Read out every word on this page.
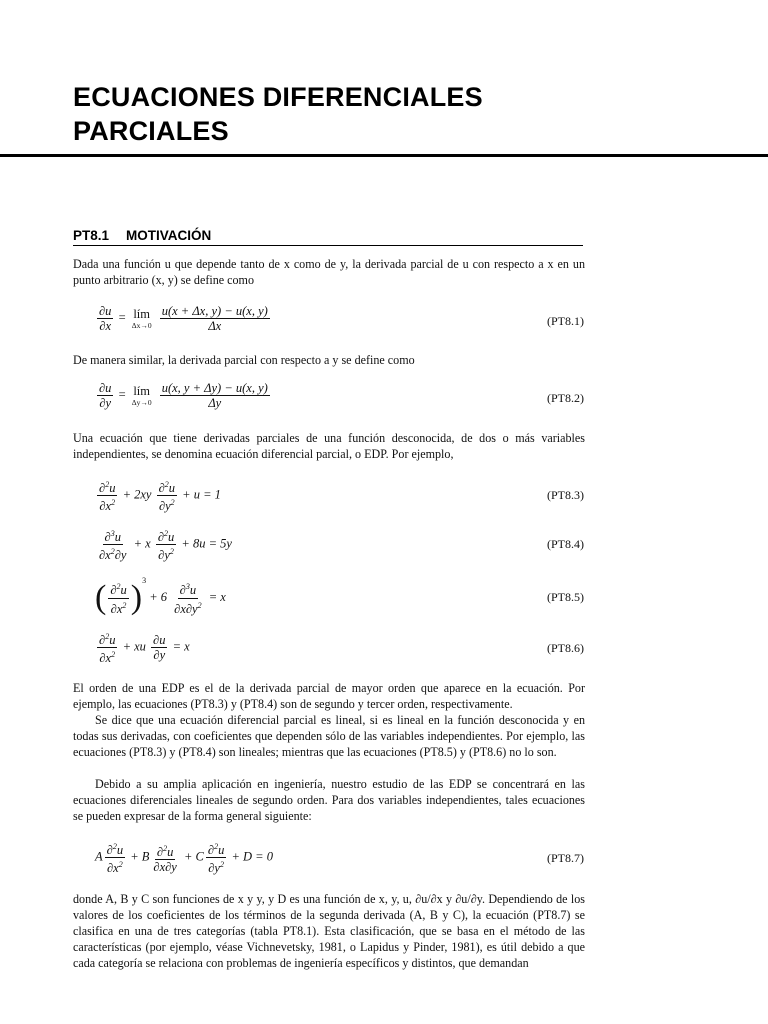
ECUACIONES DIFERENCIALES
PARCIALES
PT8.1 MOTIVACIÓN

Dada una función u que depende tanto de x como de y, la derivada parcial de u con respecto a x en un punto arbitrario (x, y) se define como

$\frac{\partial u}{\partial x}$ = lím
Δx→0
$\frac{u(x + \Delta x, y) - u(x, y)}{\Delta x}$	(PT8.1)

De manera similar, la derivada parcial con respecto a y se define como

$\frac{\partial u}{\partial y}$ = lím
Δy→0
$\frac{u(x, y + \Delta y) - u(x, y)}{\Delta y}$	(PT8.2)

Una ecuación que tiene derivadas parciales de una función desconocida, de dos o más variables independientes, se denomina ecuación diferencial parcial, o EDP. Por ejemplo,

$\frac{\partial^2u}{\partial x^2} + 2xy \frac{\partial^2u}{\partial y^2} + u = 1$	(PT8.3)
$\frac{\partial^3u}{\partial x^2\partial y} + x \frac{\partial^2u}{\partial y^2} + 8u = 5y$	(PT8.4)
( $\frac{\partial^2u}{\partial x^2} )^3 + 6 \frac{\partial^3u}{\partial x\partial y^2} = x$	(PT8.5)
$\frac{\partial^2u}{\partial x^2}$ + xu $\frac{\partial u}{\partial y} = x$	(PT8.6)

El orden de una EDP es el de la derivada parcial de mayor orden que aparece en la ecuación. Por ejemplo, las ecuaciones (PT8.3) y (PT8.4) son de segundo y tercer orden, respectivamente.

Se dice que una ecuación diferencial parcial es lineal, si es lineal en la función desconocida y en todas sus derivadas, con coeficientes que dependen sólo de las variables independientes. Por ejemplo, las ecuaciones (PT8.3) y (PT8.4) son lineales; mientras que las ecuaciones (PT8.5) y (PT8.6) no lo son.

Debido a su amplia aplicación en ingeniería, nuestro estudio de las EDP se concentrará en las ecuaciones diferenciales lineales de segundo orden. Para dos variables independientes, tales ecuaciones se pueden expresar de la forma general siguiente:

A $\frac{\partial^2u}{\partial x^2} + B \frac{\partial^2u}{\partial x\partial y} + C \frac{\partial^2u}{\partial y^2} + D = 0$	(PT8.7)

donde A, B y C son funciones de x y y, y D es una función de x, y, u, ∂u/∂x y ∂u/∂y. Dependiendo de los valores de los coeficientes de los términos de la segunda derivada (A, B y C), la ecuación (PT8.7) se clasifica en una de tres categorías (tabla PT8.1). Esta clasificación, que se basa en el método de las características (por ejemplo, véase Vichnevetsky, 1981, o Lapidus y Pinder, 1981), es útil debido a que cada categoría se relaciona con problemas de ingeniería específicos y distintos, que demandan
